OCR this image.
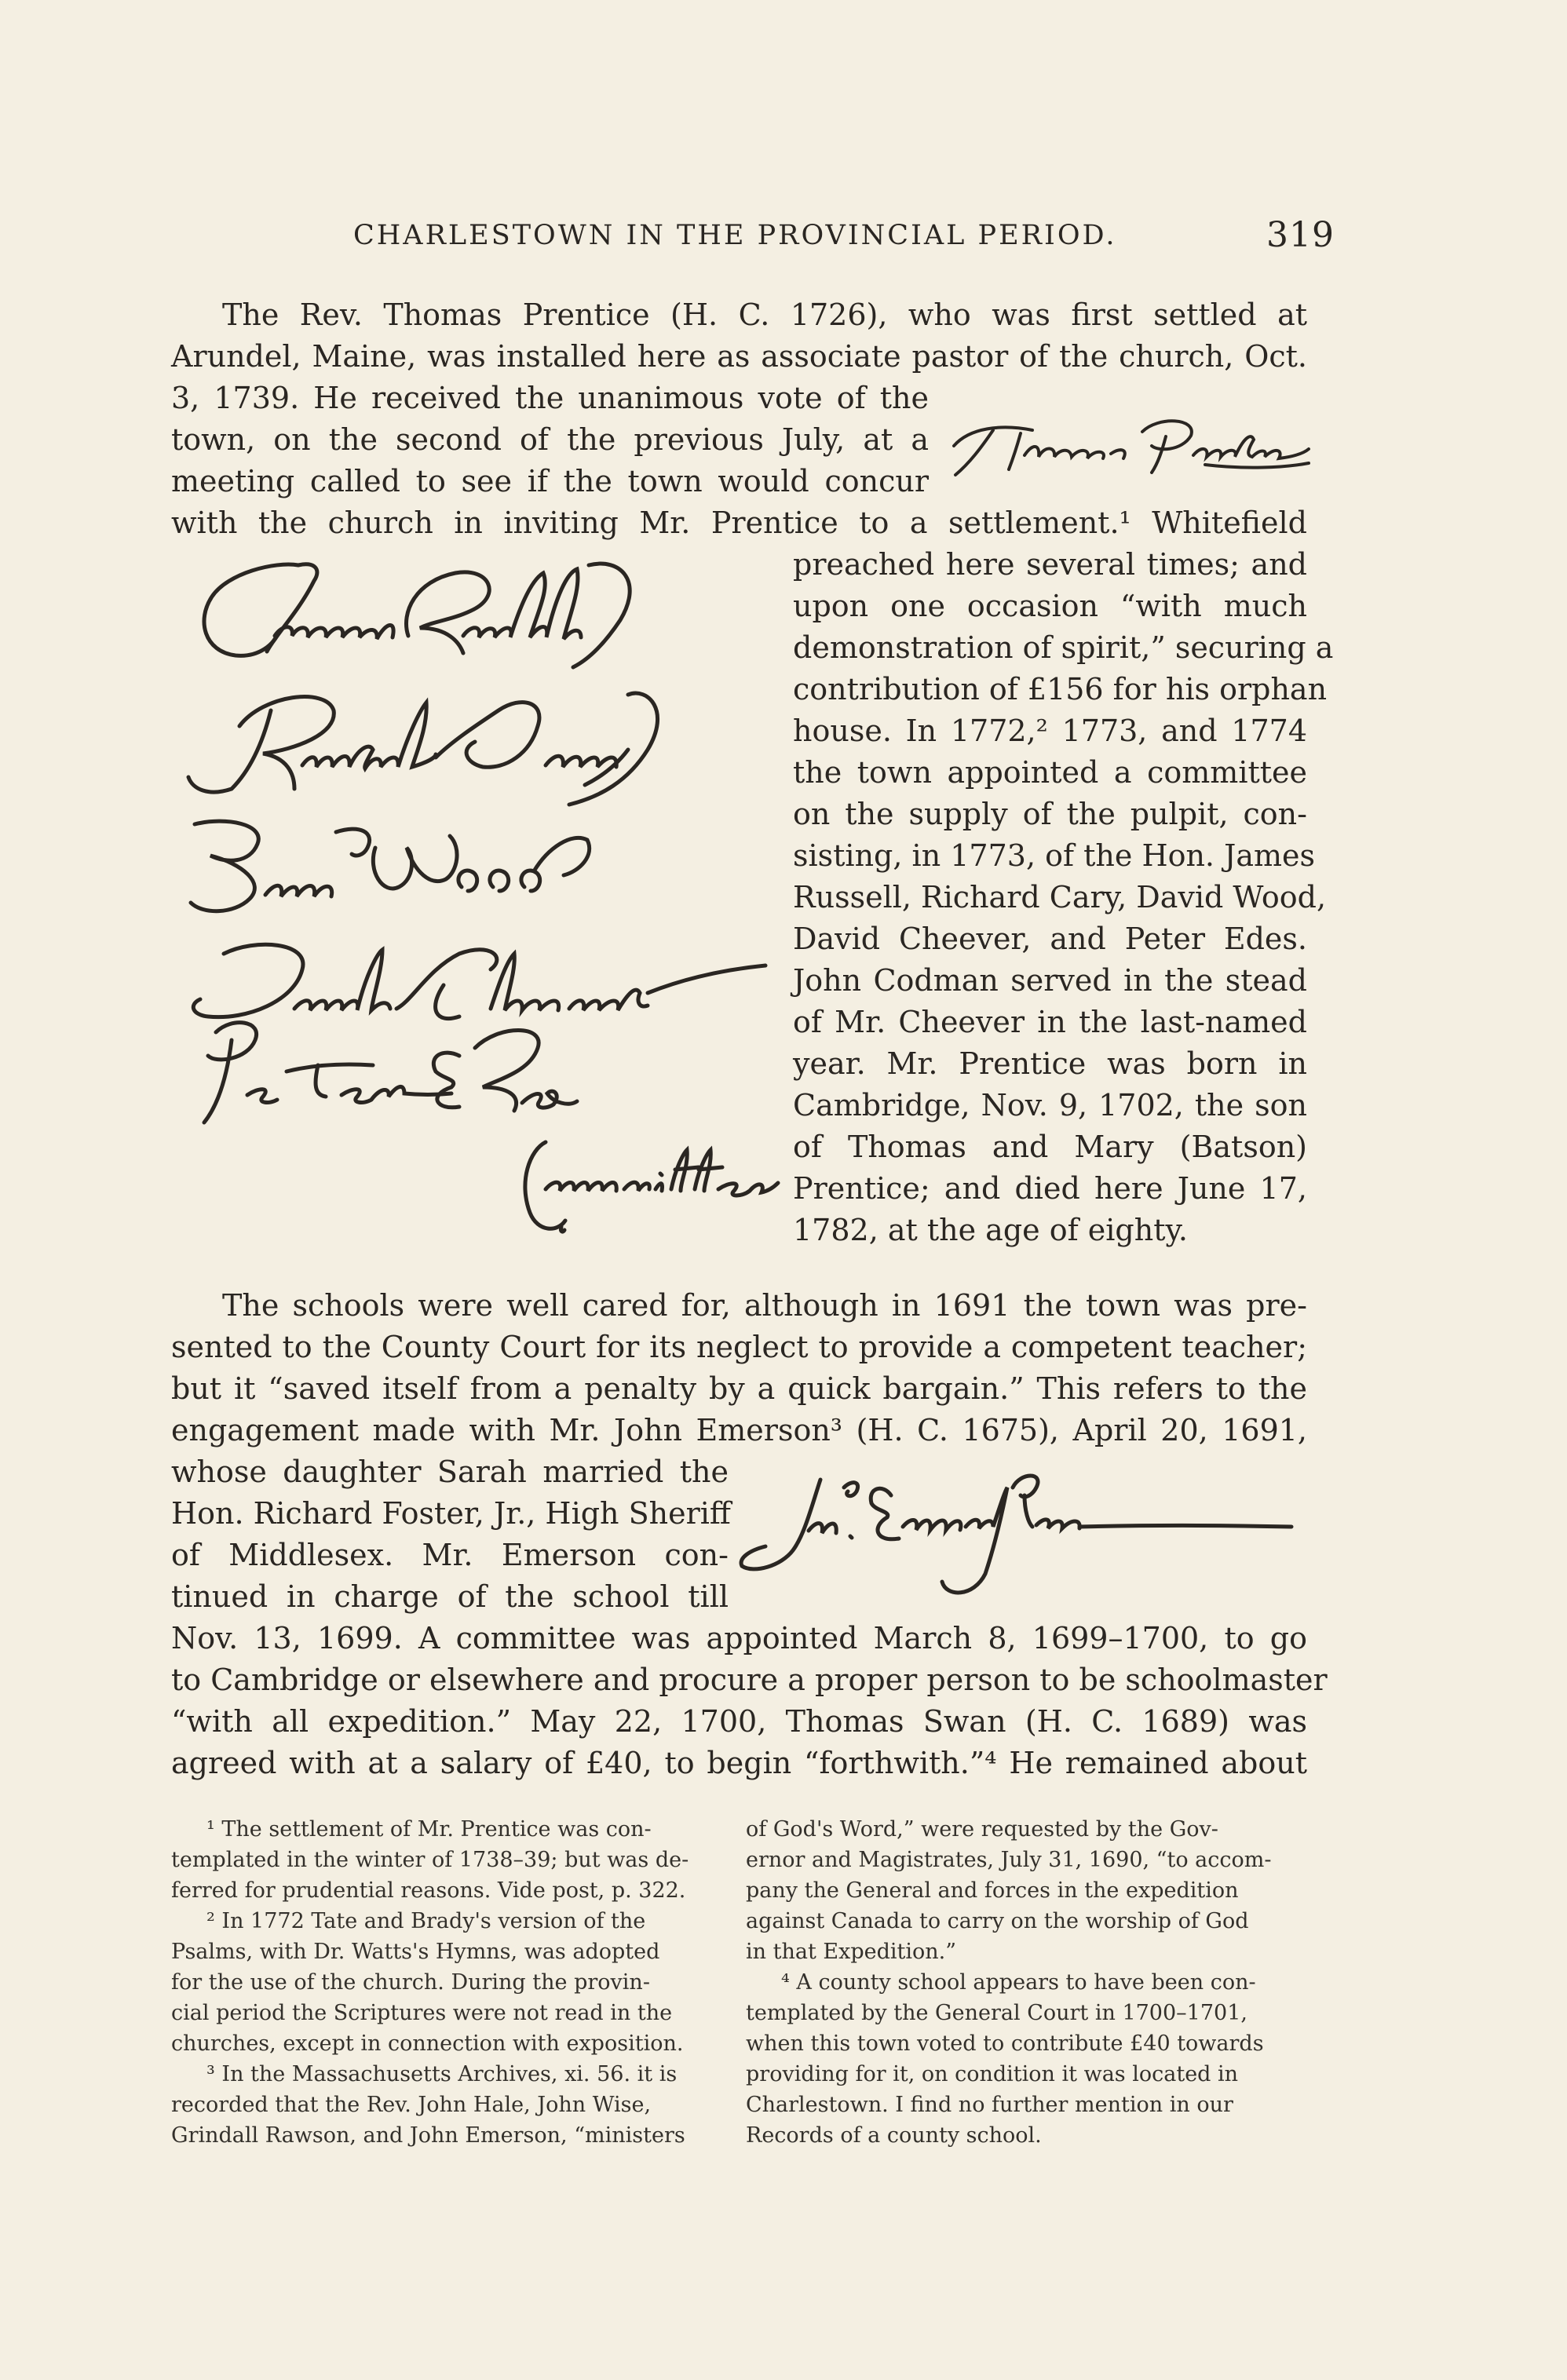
CHARLESTOWN IN THE PROVINCIAL PERIOD.	319
The Rev. Thomas Prentice (H. C. 1726), who was first settled at
Arundel, Maine, was installed here as associate pastor of the church, Oct.
3, 1739. He received the unanimous vote of the
town, on the second of the previous July, at a
meeting called to see if the town would concur
with the church in inviting Mr. Prentice to a settlement.¹ Whitefield
preached here several times; and
upon one occasion “with much
demonstration of spirit,” securing a
contribution of £156 for his orphan
house. In 1772,² 1773, and 1774
the town appointed a committee
on the supply of the pulpit, con-
sisting, in 1773, of the Hon. James
Russell, Richard Cary, David Wood,
David Cheever, and Peter Edes.
John Codman served in the stead
of Mr. Cheever in the last-named
year. Mr. Prentice was born in
Cambridge, Nov. 9, 1702, the son
of Thomas and Mary (Batson)
Prentice; and died here June 17,
1782, at the age of eighty.
The schools were well cared for, although in 1691 the town was pre-
sented to the County Court for its neglect to provide a competent teacher;
but it “saved itself from a penalty by a quick bargain.” This refers to the
engagement made with Mr. John Emerson³ (H. C. 1675), April 20, 1691,
whose daughter Sarah married the
Hon. Richard Foster, Jr., High Sheriff
of Middlesex. Mr. Emerson con-
tinued in charge of the school till
Nov. 13, 1699. A committee was appointed March 8, 1699–1700, to go
to Cambridge or elsewhere and procure a proper person to be schoolmaster
“with all expedition.” May 22, 1700, Thomas Swan (H. C. 1689) was
agreed with at a salary of £40, to begin “forthwith.”⁴ He remained about
¹ The settlement of Mr. Prentice was con-
templated in the winter of 1738–39; but was de-
ferred for prudential reasons. Vide post, p. 322.
² In 1772 Tate and Brady's version of the
Psalms, with Dr. Watts's Hymns, was adopted
for the use of the church. During the provin-
cial period the Scriptures were not read in the
churches, except in connection with exposition.
³ In the Massachusetts Archives, xi. 56. it is
recorded that the Rev. John Hale, John Wise,
Grindall Rawson, and John Emerson, “ministers
of God's Word,” were requested by the Gov-
ernor and Magistrates, July 31, 1690, “to accom-
pany the General and forces in the expedition
against Canada to carry on the worship of God
in that Expedition.”
⁴ A county school appears to have been con-
templated by the General Court in 1700–1701,
when this town voted to contribute £40 towards
providing for it, on condition it was located in
Charlestown. I find no further mention in our
Records of a county school.
